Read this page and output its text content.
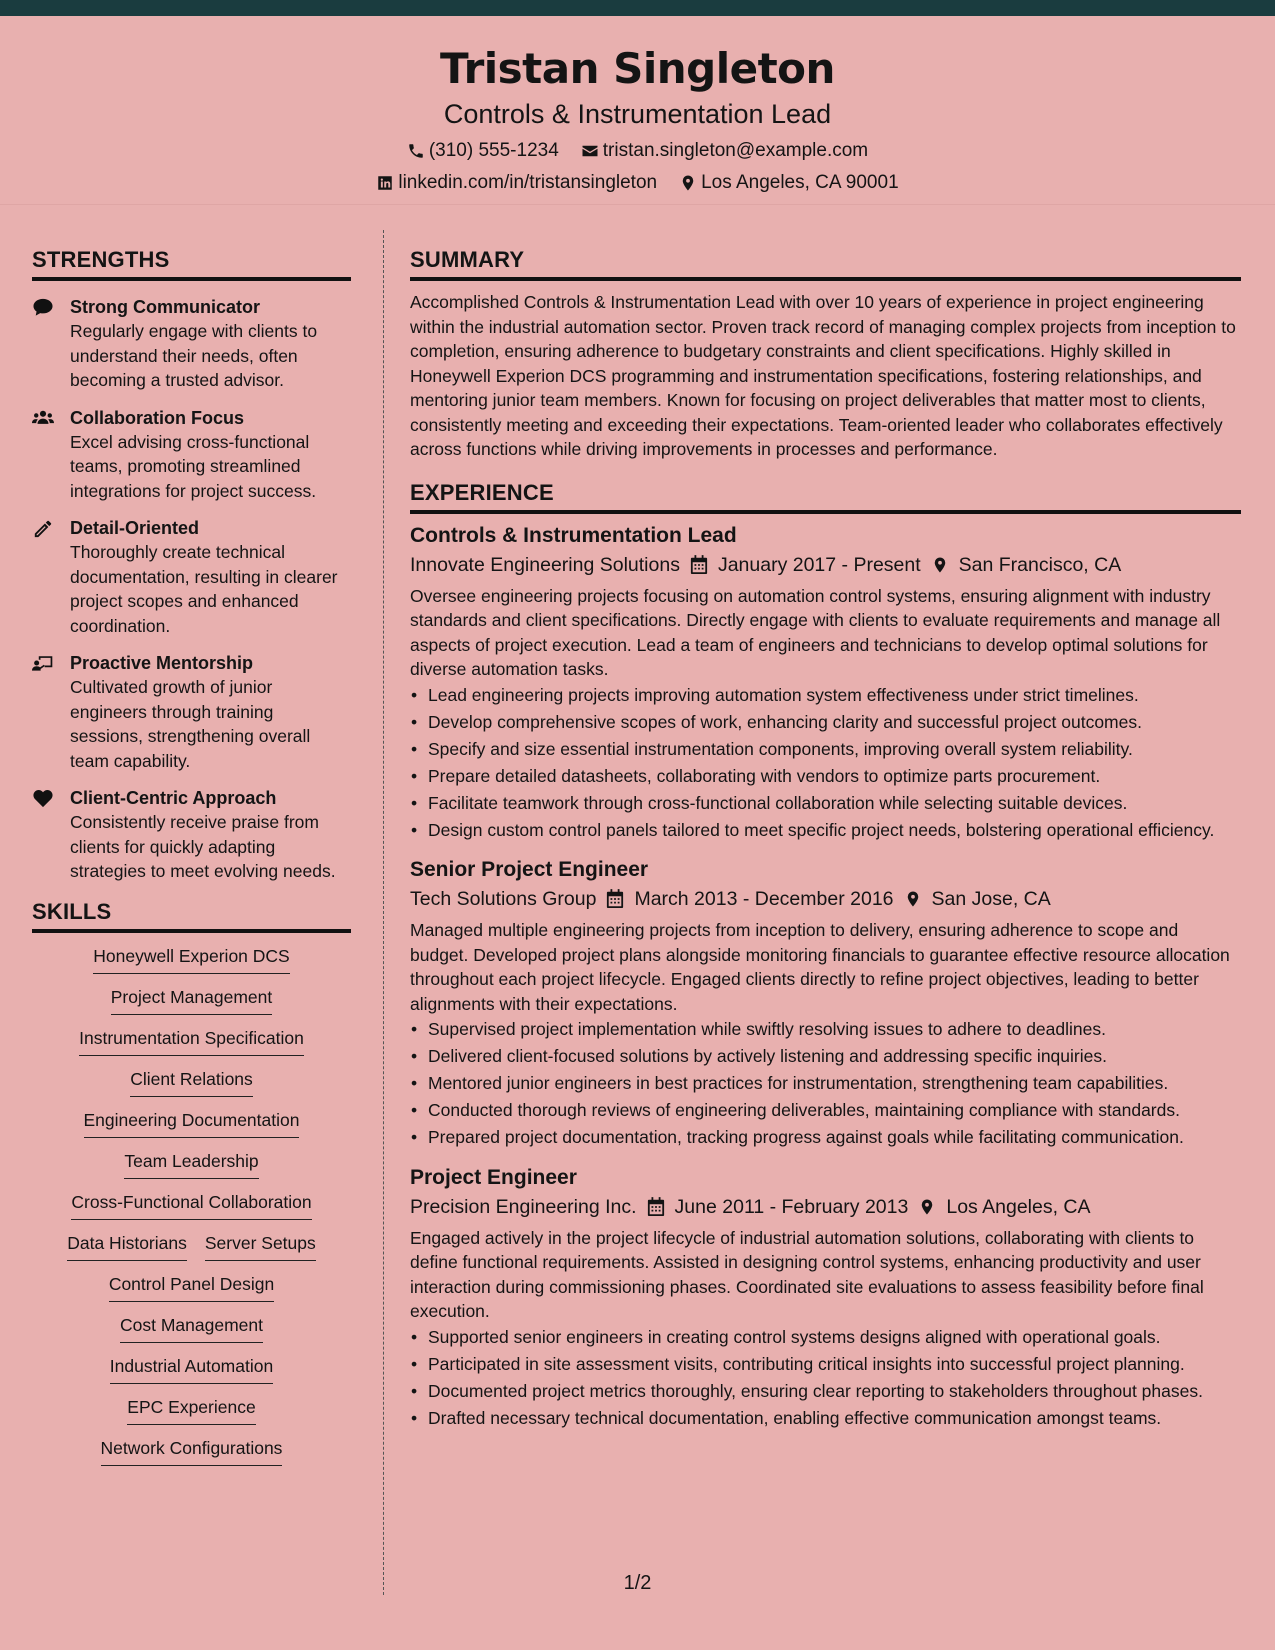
Tristan Singleton
Controls & Instrumentation Lead
(310) 555-1234 tristan.singleton@example.com
linkedin.com/in/tristansingleton Los Angeles, CA 90001
STRENGTHS
Strong Communicator
Regularly engage with clients to understand their needs, often becoming a trusted advisor.
Collaboration Focus
Excel advising cross-functional teams, promoting streamlined integrations for project success.
Detail-Oriented
Thoroughly create technical documentation, resulting in clearer project scopes and enhanced coordination.
Proactive Mentorship
Cultivated growth of junior engineers through training sessions, strengthening overall team capability.
Client-Centric Approach
Consistently receive praise from clients for quickly adapting strategies to meet evolving needs.
SKILLS
Honeywell Experion DCS
Project Management
Instrumentation Specification
Client Relations
Engineering Documentation
Team Leadership
Cross-Functional Collaboration
Data Historians Server Setups
Control Panel Design
Cost Management
Industrial Automation
EPC Experience
Network Configurations
SUMMARY

Accomplished Controls & Instrumentation Lead with over 10 years of experience in project engineering within the industrial automation sector. Proven track record of managing complex projects from inception to completion, ensuring adherence to budgetary constraints and client specifications. Highly skilled in Honeywell Experion DCS programming and instrumentation specifications, fostering relationships, and mentoring junior team members. Known for focusing on project deliverables that matter most to clients, consistently meeting and exceeding their expectations. Team-oriented leader who collaborates effectively across functions while driving improvements in processes and performance.

EXPERIENCE
Controls & Instrumentation Lead
Innovate Engineering Solutions January 2017 - Present San Francisco, CA
Oversee engineering projects focusing on automation control systems, ensuring alignment with industry standards and client specifications. Directly engage with clients to evaluate requirements and manage all aspects of project execution. Lead a team of engineers and technicians to develop optimal solutions for diverse automation tasks.
• Lead engineering projects improving automation system effectiveness under strict timelines.
• Develop comprehensive scopes of work, enhancing clarity and successful project outcomes.
• Specify and size essential instrumentation components, improving overall system reliability.
• Prepare detailed datasheets, collaborating with vendors to optimize parts procurement.
• Facilitate teamwork through cross-functional collaboration while selecting suitable devices.
• Design custom control panels tailored to meet specific project needs, bolstering operational efficiency.
Senior Project Engineer
Tech Solutions Group March 2013 - December 2016 San Jose, CA
Managed multiple engineering projects from inception to delivery, ensuring adherence to scope and budget. Developed project plans alongside monitoring financials to guarantee effective resource allocation throughout each project lifecycle. Engaged clients directly to refine project objectives, leading to better alignments with their expectations.
• Supervised project implementation while swiftly resolving issues to adhere to deadlines.
• Delivered client-focused solutions by actively listening and addressing specific inquiries.
• Mentored junior engineers in best practices for instrumentation, strengthening team capabilities.
• Conducted thorough reviews of engineering deliverables, maintaining compliance with standards.
• Prepared project documentation, tracking progress against goals while facilitating communication.
Project Engineer
Precision Engineering Inc. June 2011 - February 2013 Los Angeles, CA
Engaged actively in the project lifecycle of industrial automation solutions, collaborating with clients to define functional requirements. Assisted in designing control systems, enhancing productivity and user interaction during commissioning phases. Coordinated site evaluations to assess feasibility before final execution.
• Supported senior engineers in creating control systems designs aligned with operational goals.
• Participated in site assessment visits, contributing critical insights into successful project planning.
• Documented project metrics thoroughly, ensuring clear reporting to stakeholders throughout phases.
• Drafted necessary technical documentation, enabling effective communication amongst teams.
1/2
